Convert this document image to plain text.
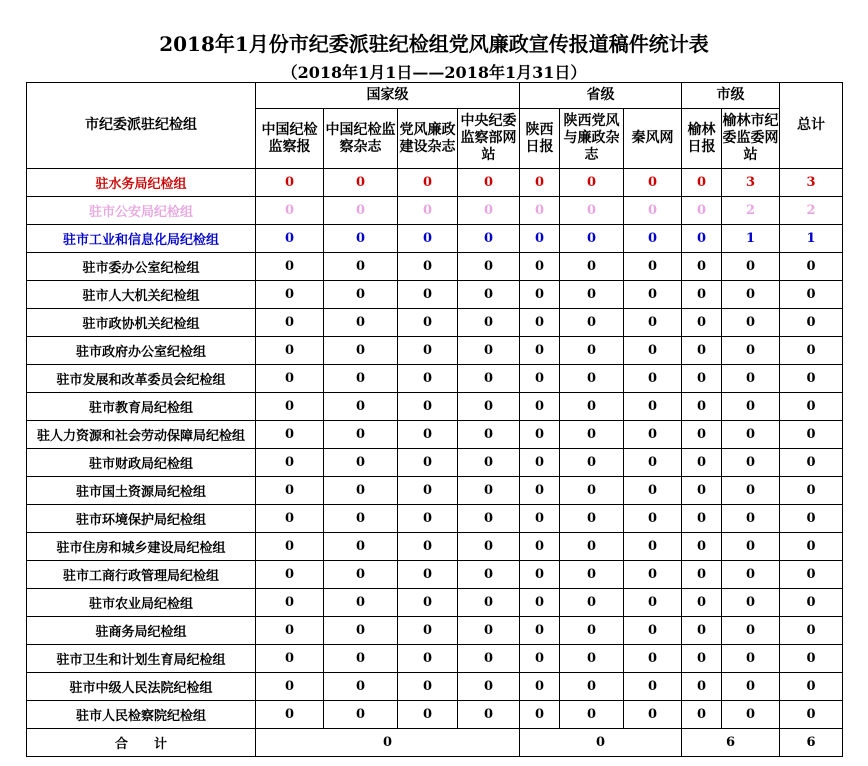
2018年1月份市纪委派驻纪检组党风廉政宣传报道稿件统计表
（2018年1月1日——2018年1月31日）
市纪委派驻纪检组	国家级				省级			市级		总计
	中国纪检监察报	中国纪检监察杂志	党风廉政建设杂志	中央纪委监察部网站	陕西日报	陕西党风与廉政杂志	秦风网	榆林日报	榆林市纪委监委网站	
驻水务局纪检组	0	0	0	0	0	0	0	0	3	3
驻市公安局纪检组	0	0	0	0	0	0	0	0	2	2
驻市工业和信息化局纪检组	0	0	0	0	0	0	0	0	1	1
驻市委办公室纪检组	0	0	0	0	0	0	0	0	0	0
驻市人大机关纪检组	0	0	0	0	0	0	0	0	0	0
驻市政协机关纪检组	0	0	0	0	0	0	0	0	0	0
驻市政府办公室纪检组	0	0	0	0	0	0	0	0	0	0
驻市发展和改革委员会纪检组	0	0	0	0	0	0	0	0	0	0
驻市教育局纪检组	0	0	0	0	0	0	0	0	0	0
驻人力资源和社会劳动保障局纪检组	0	0	0	0	0	0	0	0	0	0
驻市财政局纪检组	0	0	0	0	0	0	0	0	0	0
驻市国土资源局纪检组	0	0	0	0	0	0	0	0	0	0
驻市环境保护局纪检组	0	0	0	0	0	0	0	0	0	0
驻市住房和城乡建设局纪检组	0	0	0	0	0	0	0	0	0	0
驻市工商行政管理局纪检组	0	0	0	0	0	0	0	0	0	0
驻市农业局纪检组	0	0	0	0	0	0	0	0	0	0
驻商务局纪检组	0	0	0	0	0	0	0	0	0	0
驻市卫生和计划生育局纪检组	0	0	0	0	0	0	0	0	0	0
驻市中级人民法院纪检组	0	0	0	0	0	0	0	0	0	0
驻市人民检察院纪检组	0	0	0	0	0	0	0	0	0	0
合　　计	0				0			6		6
